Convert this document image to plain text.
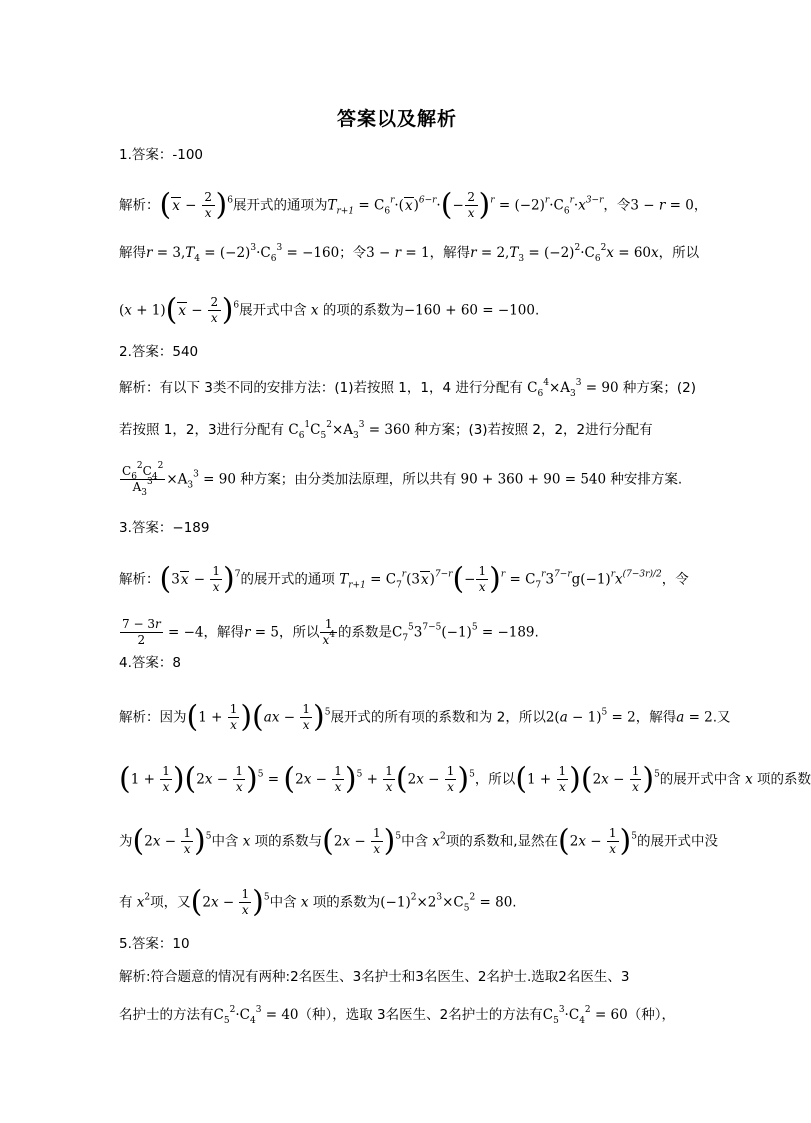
答案以及解析
1.答案：-100
解析：$(x - \frac{2}{x} )^6$展开式的通项为$T_{r+1} = C_6^r\cdot(x)^{6-r}\cdot(- \frac{2}{x} )^r = (-2)^r\cdot C_6^r\cdot x^{3-r}$，令3 − r = 0，
解得$r = 3,T_4 = (-2)^3\cdot C_6^3 = -160$；令3 − r = 1，解得$r = 2,T_3 = (-2)^2\cdot C_6^2x = 60x$，所以
$(x + 1)(x - \frac{2}{x} )^6$展开式中含 x 的项的系数为−160 + 60 = −100.
2.答案：540
解析：有以下 3类不同的安排方法：(1)若按照 1，1，4 进行分配有 $C_6^4\times A_3^3 = 90$ 种方案；(2)
若按照 1，2，3进行分配有 $C_6^1C_5^2\times A_3^3 = 360$ 种方案；(3)若按照 2，2，2进行分配有
$\frac{C_6^2C_4^2}{A_3^3} \times A_3^3 = 90$ 种方案；由分类加法原理，所以共有 90 + 360 + 90 = 540 种安排方案.
3.答案：−189
解析：$(3x - \frac{1}{x} )^7$的展开式的通项 $T_{r+1} = C_7^r(3x)^{7-r}(- \frac{1}{x} )^r = C_7^r3^{7-r}g(-1)^rx^{(7-3r)/2}$，令
$\frac{7 - 3r}{2} = -4$，解得r = 5，所以 $\frac{1}{x^4}$ 的系数是$C_7^53^{7-5}(-1)^5 = -189$.
4.答案：8
解析：因为$(1 + \frac{1}{x} )(ax - \frac{1}{x} )^5$展开式的所有项的系数和为 2，所以$2(a - 1)^5 = 2$，解得a = 2.又
$(1 + \frac{1}{x} )(2x - \frac{1}{x} )^5 = (2x - \frac{1}{x} )^5 + \frac{1}{x} (2x - \frac{1}{x} )^5$，所以$(1 + \frac{1}{x} )(2x - \frac{1}{x} )^5$的展开式中含 x 项的系数
为$(2x - \frac{1}{x} )^5$中含 x 项的系数与$(2x - \frac{1}{x} )^5$中含 $x^2$项的系数和,显然在$(2x - \frac{1}{x} )^5$的展开式中没
有 $x^2$项，又$(2x - \frac{1}{x} )^5$中含 x 项的系数为$(-1)^2\times 2^3\times C_5^2 = 80$.
5.答案：10
解析:符合题意的情况有两种:2名医生、3名护士和3名医生、2名护士.选取2名医生、3
名护士的方法有$C_5^2\cdot C_4^3 = 40$（种），选取 3名医生、2名护士的方法有$C_5^3\cdot C_4^2 = 60$（种），
